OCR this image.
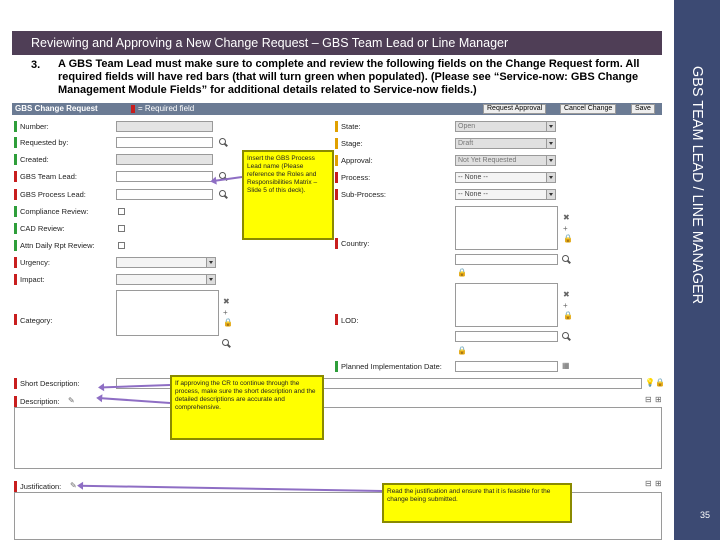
Reviewing and Approving a New Change Request – GBS Team Lead or Line Manager
3. A GBS Team Lead must make sure to complete and review the following fields on the Change Request form. All required fields will have red bars (that will turn green when populated). (Please see “Service-now: GBS Change Management Module Fields” for additional details related to Service-now fields.)	GBS TEAM LEAD / LINE MANAGER
35
GBS Change Request	= Required field	Request Approval	Cancel Change	Save
Number:
Requested by:
Created:
GBS Team Lead:
GBS Process Lead:
Compliance Review:
CAD Review:
Attn Daily Rpt Review:
Urgency:
Impact:
Category:
✖
+
🔒
State:	Open
Stage:	Draft
Approval:	Not Yet Requested
Process:	-- None --
Sub-Process:	-- None --
Country:
✖
+
🔒
🔒
LOD:
✖
+
🔒
🔒
Planned Implementation Date:	▦
Short Description:	💡 🔒
Description: ✎	⊟ ⊞
Justification: ✎	⊟ ⊞
Insert the GBS Process Lead name (Please reference the Roles and Responsibilities Matrix – Slide 5 of this deck).
If approving the CR to continue through the process, make sure the short description and the detailed descriptions are accurate and comprehensive.
Read the justification and ensure that it is feasible for the change being submitted.
